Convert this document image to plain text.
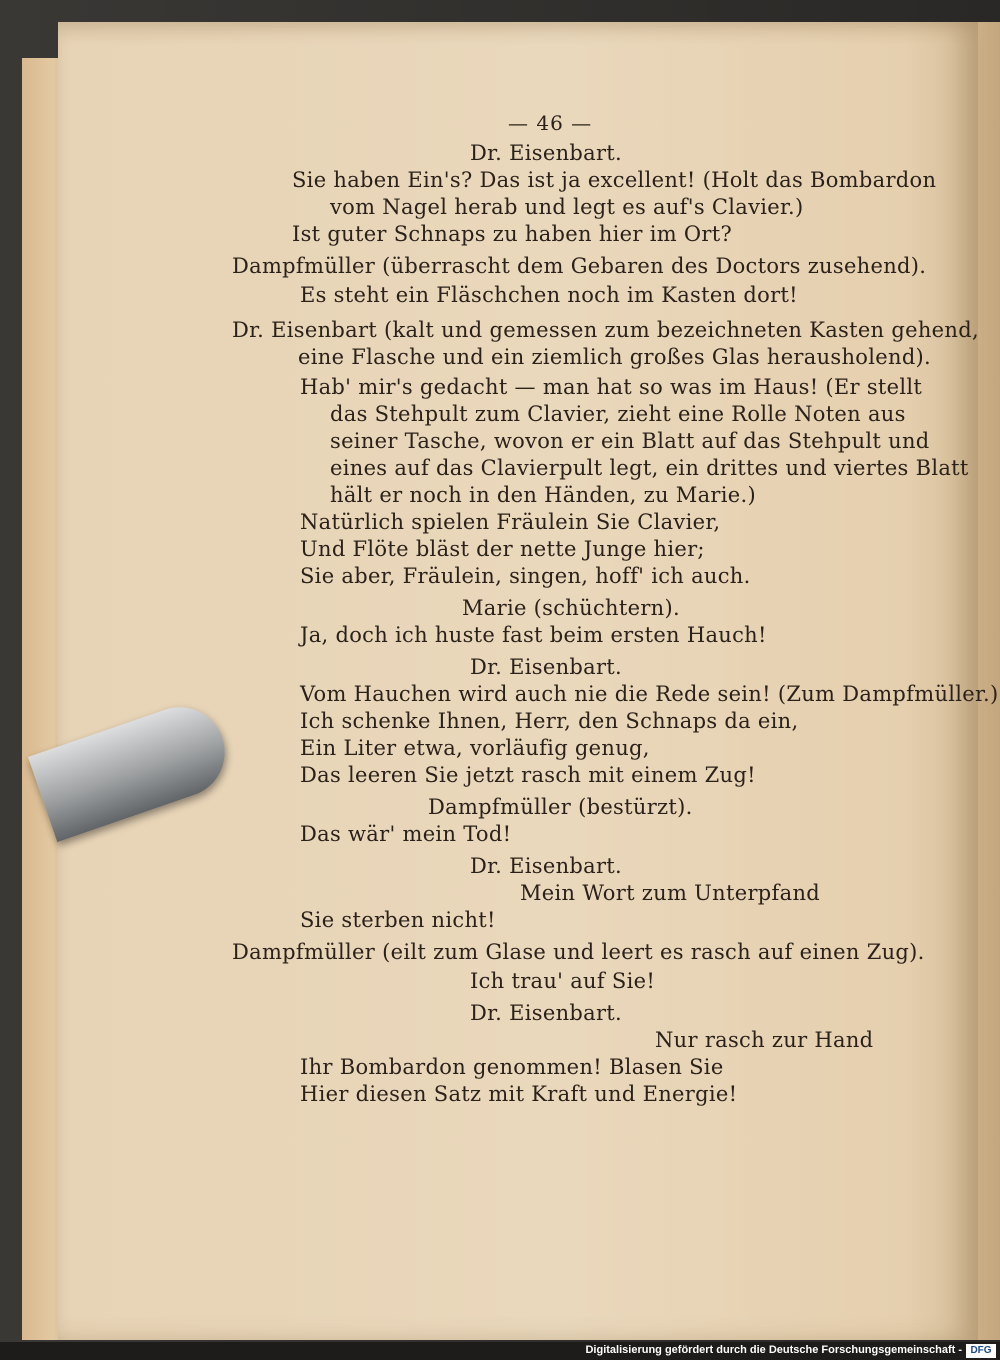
— 46 —
Dr. Eisenbart.
Sie haben Ein's? Das ist ja excellent! (Holt das Bombardon
vom Nagel herab und legt es auf's Clavier.)
Ist guter Schnaps zu haben hier im Ort?
Dampfmüller (überrascht dem Gebaren des Doctors zusehend).
Es steht ein Fläschchen noch im Kasten dort!
Dr. Eisenbart (kalt und gemessen zum bezeichneten Kasten gehend,
eine Flasche und ein ziemlich großes Glas herausholend).
Hab' mir's gedacht — man hat so was im Haus! (Er stellt
das Stehpult zum Clavier, zieht eine Rolle Noten aus
seiner Tasche, wovon er ein Blatt auf das Stehpult und
eines auf das Clavierpult legt, ein drittes und viertes Blatt
hält er noch in den Händen, zu Marie.)
Natürlich spielen Fräulein Sie Clavier,
Und Flöte bläst der nette Junge hier;
Sie aber, Fräulein, singen, hoff' ich auch.
Marie (schüchtern).
Ja, doch ich huste fast beim ersten Hauch!
Dr. Eisenbart.
Vom Hauchen wird auch nie die Rede sein! (Zum Dampfmüller.)
Ich schenke Ihnen, Herr, den Schnaps da ein,
Ein Liter etwa, vorläufig genug,
Das leeren Sie jetzt rasch mit einem Zug!
Dampfmüller (bestürzt).
Das wär' mein Tod!
Dr. Eisenbart.
Mein Wort zum Unterpfand
Sie sterben nicht!
Dampfmüller (eilt zum Glase und leert es rasch auf einen Zug).
Ich trau' auf Sie!
Dr. Eisenbart.
Nur rasch zur Hand
Ihr Bombardon genommen! Blasen Sie
Hier diesen Satz mit Kraft und Energie!
Digitalisierung gefördert durch die Deutsche Forschungsgemeinschaft - DFG
